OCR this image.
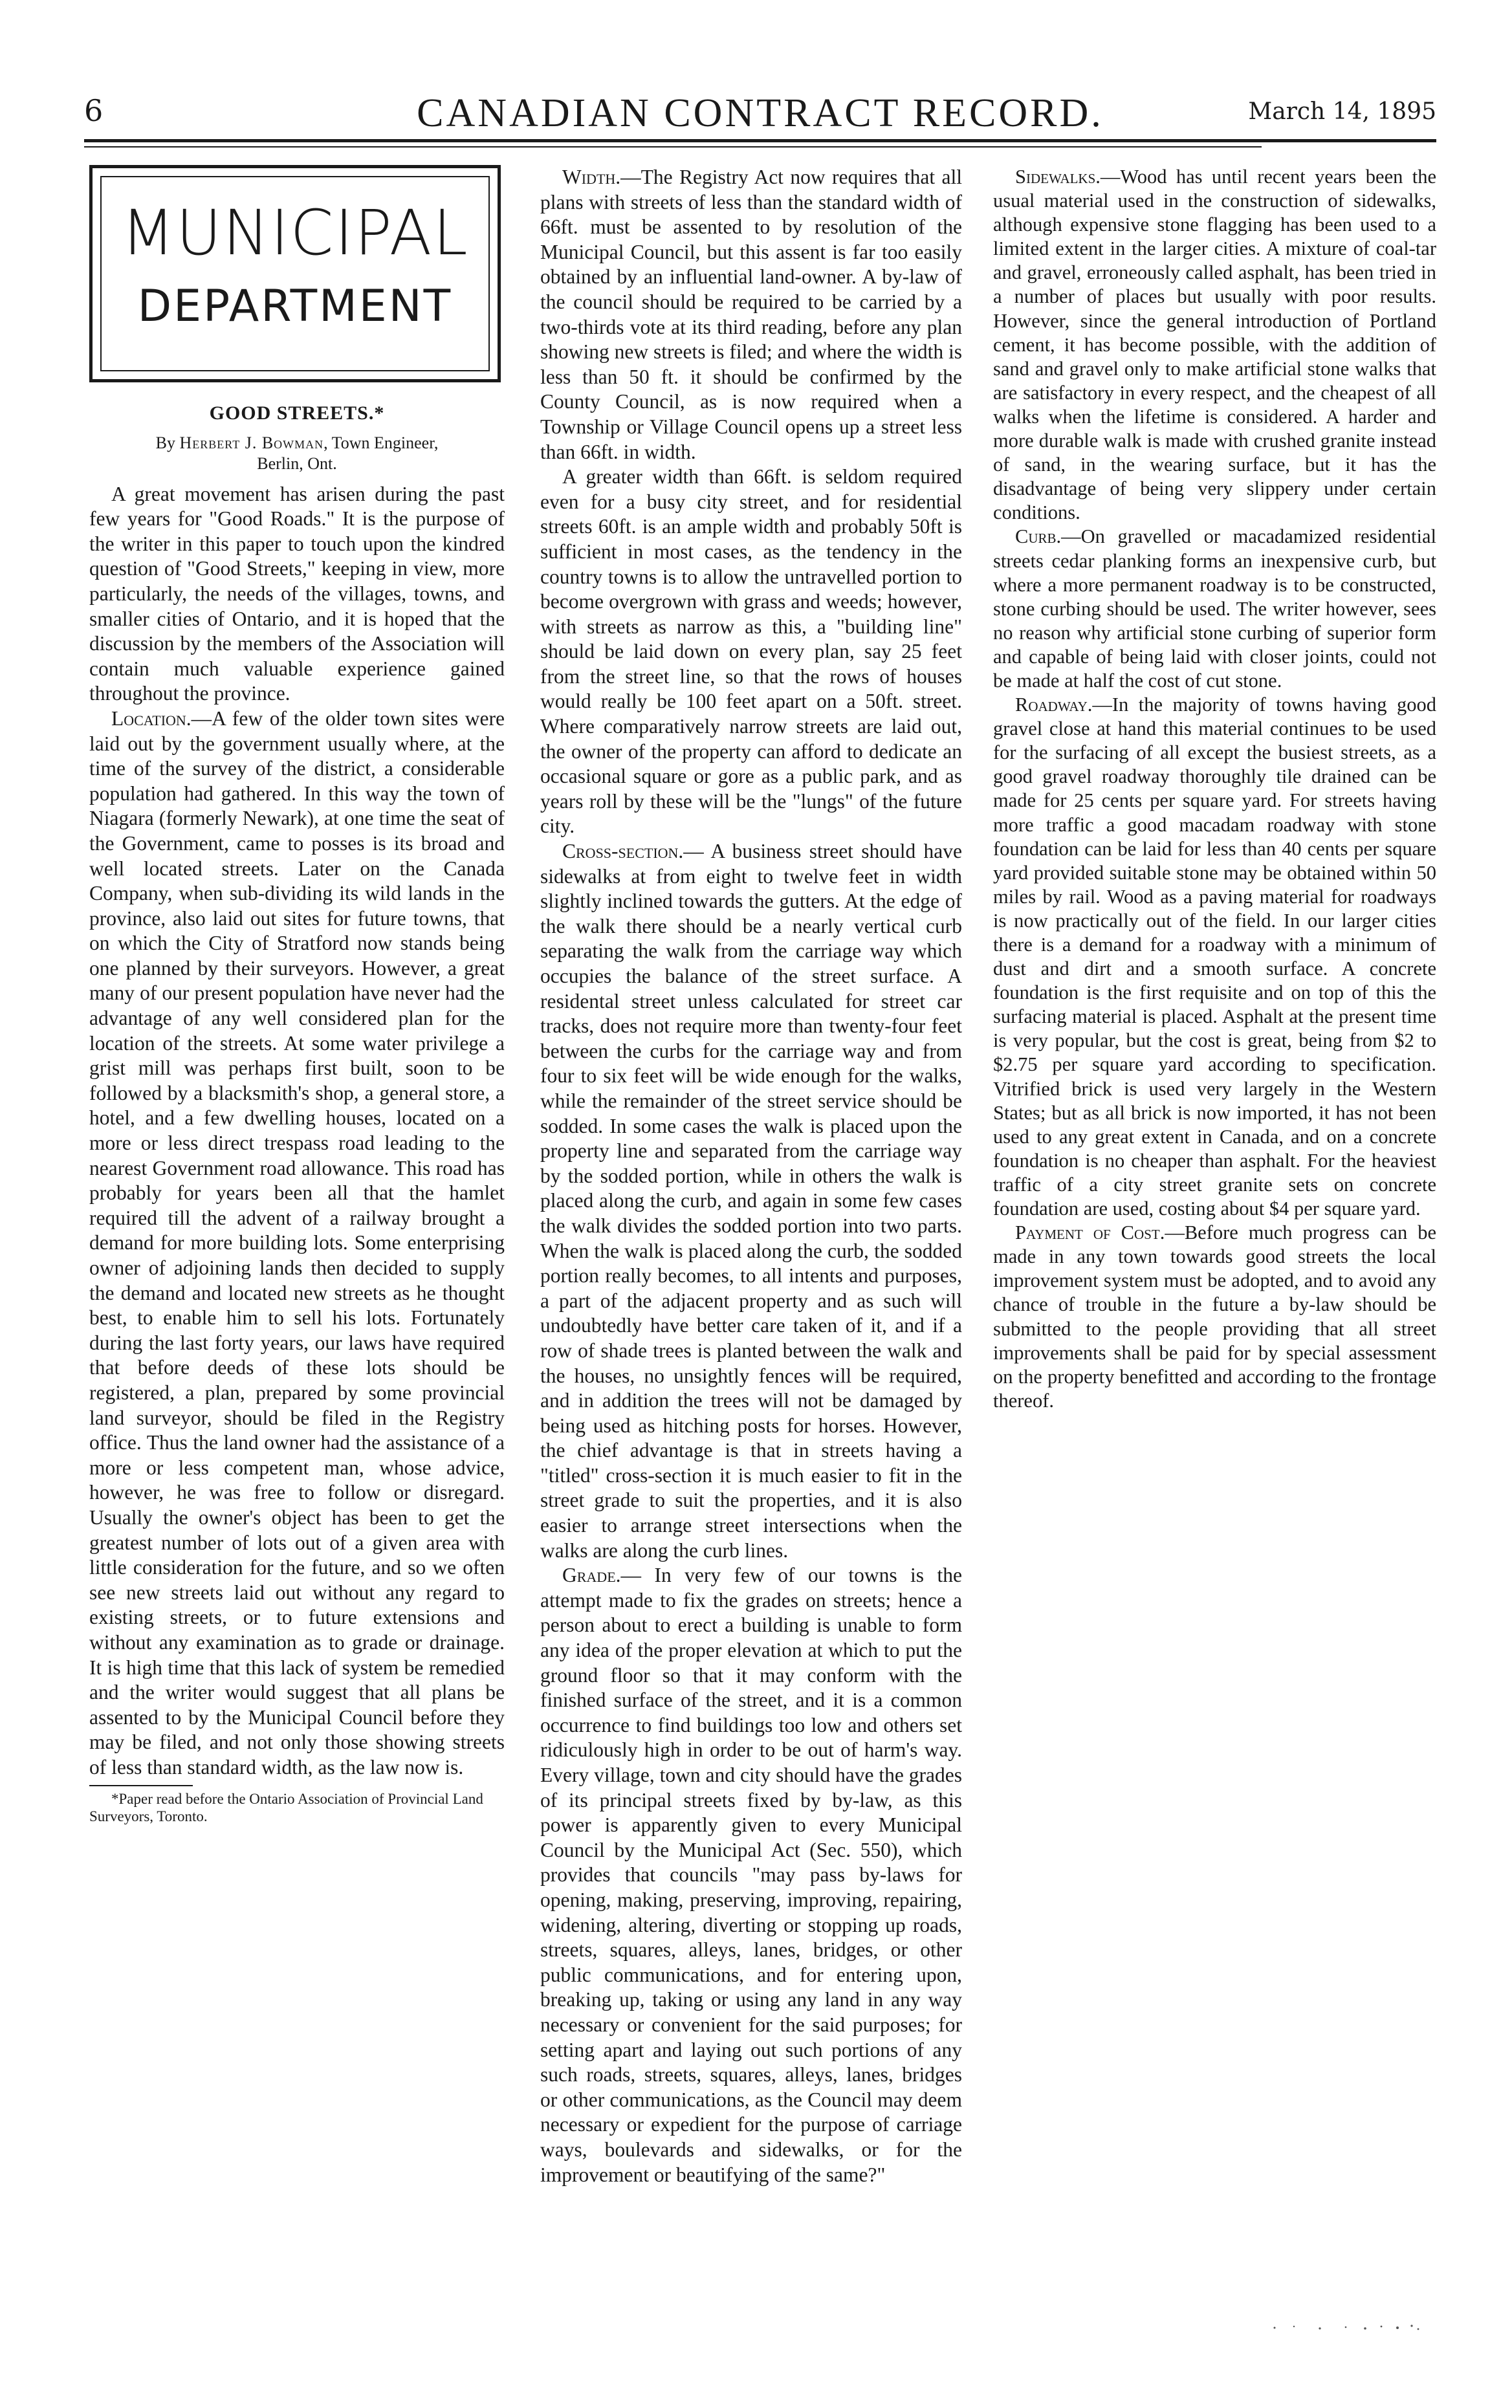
6	CANADIAN CONTRACT RECORD.	March 14, 1895
MUNICIPAL
DEPARTMENT
GOOD STREETS.*
By Herbert J. Bowman, Town Engineer,
Berlin, Ont.

A great movement has arisen during the past few years for "Good Roads." It is the purpose of the writer in this paper to touch upon the kindred question of "Good Streets," keeping in view, more particularly, the needs of the villages, towns, and smaller cities of Ontario, and it is hoped that the discussion by the members of the Association will contain much valuable experience gained throughout the province.

Location.—A few of the older town sites were laid out by the government usually where, at the time of the survey of the district, a considerable population had gathered. In this way the town of Niagara (formerly Newark), at one time the seat of the Government, came to posses is its broad and well located streets. Later on the Canada Company, when sub-dividing its wild lands in the province, also laid out sites for future towns, that on which the City of Stratford now stands being one planned by their surveyors. However, a great many of our present population have never had the advantage of any well considered plan for the location of the streets. At some water privilege a grist mill was perhaps first built, soon to be followed by a blacksmith's shop, a general store, a hotel, and a few dwelling houses, located on a more or less direct trespass road leading to the nearest Government road allowance. This road has probably for years been all that the hamlet required till the advent of a railway brought a demand for more building lots. Some enterprising owner of adjoining lands then decided to supply the demand and located new streets as he thought best, to enable him to sell his lots. Fortunately during the last forty years, our laws have required that before deeds of these lots should be registered, a plan, prepared by some provincial land surveyor, should be filed in the Registry office. Thus the land owner had the assistance of a more or less competent man, whose advice, however, he was free to follow or disregard. Usually the owner's object has been to get the greatest number of lots out of a given area with little consideration for the future, and so we often see new streets laid out without any regard to existing streets, or to future extensions and without any examination as to grade or drainage. It is high time that this lack of system be remedied and the writer would suggest that all plans be assented to by the Municipal Council before they may be filed, and not only those showing streets of less than standard width, as the law now is.

*Paper read before the Ontario Association of Provincial Land Surveyors, Toronto.

Width.—The Registry Act now requires that all plans with streets of less than the standard width of 66ft. must be assented to by resolution of the Municipal Council, but this assent is far too easily obtained by an influential land-owner. A by-law of the council should be required to be carried by a two-thirds vote at its third reading, before any plan showing new streets is filed; and where the width is less than 50 ft. it should be confirmed by the County Council, as is now required when a Township or Village Council opens up a street less than 66ft. in width.

A greater width than 66ft. is seldom required even for a busy city street, and for residential streets 60ft. is an ample width and probably 50ft is sufficient in most cases, as the tendency in the country towns is to allow the untravelled portion to become overgrown with grass and weeds; however, with streets as narrow as this, a "building line" should be laid down on every plan, say 25 feet from the street line, so that the rows of houses would really be 100 feet apart on a 50ft. street. Where comparatively narrow streets are laid out, the owner of the property can afford to dedicate an occasional square or gore as a public park, and as years roll by these will be the "lungs" of the future city.

Cross-section.— A business street should have sidewalks at from eight to twelve feet in width slightly inclined towards the gutters. At the edge of the walk there should be a nearly vertical curb separating the walk from the carriage way which occupies the balance of the street surface. A residental street unless calculated for street car tracks, does not require more than twenty-four feet between the curbs for the carriage way and from four to six feet will be wide enough for the walks, while the remainder of the street service should be sodded. In some cases the walk is placed upon the property line and separated from the carriage way by the sodded portion, while in others the walk is placed along the curb, and again in some few cases the walk divides the sodded portion into two parts. When the walk is placed along the curb, the sodded portion really becomes, to all intents and purposes, a part of the adjacent property and as such will undoubtedly have better care taken of it, and if a row of shade trees is planted between the walk and the houses, no unsightly fences will be required, and in addition the trees will not be damaged by being used as hitching posts for horses. However, the chief advantage is that in streets having a "titled" cross-section it is much easier to fit in the street grade to suit the properties, and it is also easier to arrange street intersections when the walks are along the curb lines.

Grade.— In very few of our towns is the attempt made to fix the grades on streets; hence a person about to erect a building is unable to form any idea of the proper elevation at which to put the ground floor so that it may conform with the finished surface of the street, and it is a common occurrence to find buildings too low and others set ridiculously high in order to be out of harm's way. Every village, town and city should have the grades of its principal streets fixed by by-law, as this power is apparently given to every Municipal Council by the Municipal Act (Sec. 550), which provides that councils "may pass by-laws for opening, making, preserving, improving, repairing, widening, altering, diverting or stopping up roads, streets, squares, alleys, lanes, bridges, or other public communications, and for entering upon, breaking up, taking or using any land in any way necessary or convenient for the said purposes; for setting apart and laying out such portions of any such roads, streets, squares, alleys, lanes, bridges or other communications, as the Council may deem necessary or expedient for the purpose of carriage ways, boulevards and sidewalks, or for the improvement or beautifying of the same?"

Sidewalks.—Wood has until recent years been the usual material used in the construction of sidewalks, although expensive stone flagging has been used to a limited extent in the larger cities. A mixture of coal-tar and gravel, erroneously called asphalt, has been tried in a number of places but usually with poor results. However, since the general introduction of Portland cement, it has become possible, with the addition of sand and gravel only to make artificial stone walks that are satisfactory in every respect, and the cheapest of all walks when the lifetime is considered. A harder and more durable walk is made with crushed granite instead of sand, in the wearing surface, but it has the disadvantage of being very slippery under certain conditions.

Curb.—On gravelled or macadamized residential streets cedar planking forms an inexpensive curb, but where a more permanent roadway is to be constructed, stone curbing should be used. The writer however, sees no reason why artificial stone curbing of superior form and capable of being laid with closer joints, could not be made at half the cost of cut stone.

Roadway.—In the majority of towns having good gravel close at hand this material continues to be used for the surfacing of all except the busiest streets, as a good gravel roadway thoroughly tile drained can be made for 25 cents per square yard. For streets having more traffic a good macadam roadway with stone foundation can be laid for less than 40 cents per square yard provided suitable stone may be obtained within 50 miles by rail. Wood as a paving material for roadways is now practically out of the field. In our larger cities there is a demand for a roadway with a minimum of dust and dirt and a smooth surface. A concrete foundation is the first requisite and on top of this the surfacing material is placed. Asphalt at the present time is very popular, but the cost is great, being from $2 to $2.75 per square yard according to specification. Vitrified brick is used very largely in the Western States; but as all brick is now imported, it has not been used to any great extent in Canada, and on a concrete foundation is no cheaper than asphalt. For the heaviest traffic of a city street granite sets on concrete foundation are used, costing about $4 per square yard.

Payment of Cost.—Before much progress can be made in any town towards good streets the local improvement system must be adopted, and to avoid any chance of trouble in the future a by-law should be submitted to the people providing that all street improvements shall be paid for by special assessment on the property benefitted and according to the frontage thereof.
